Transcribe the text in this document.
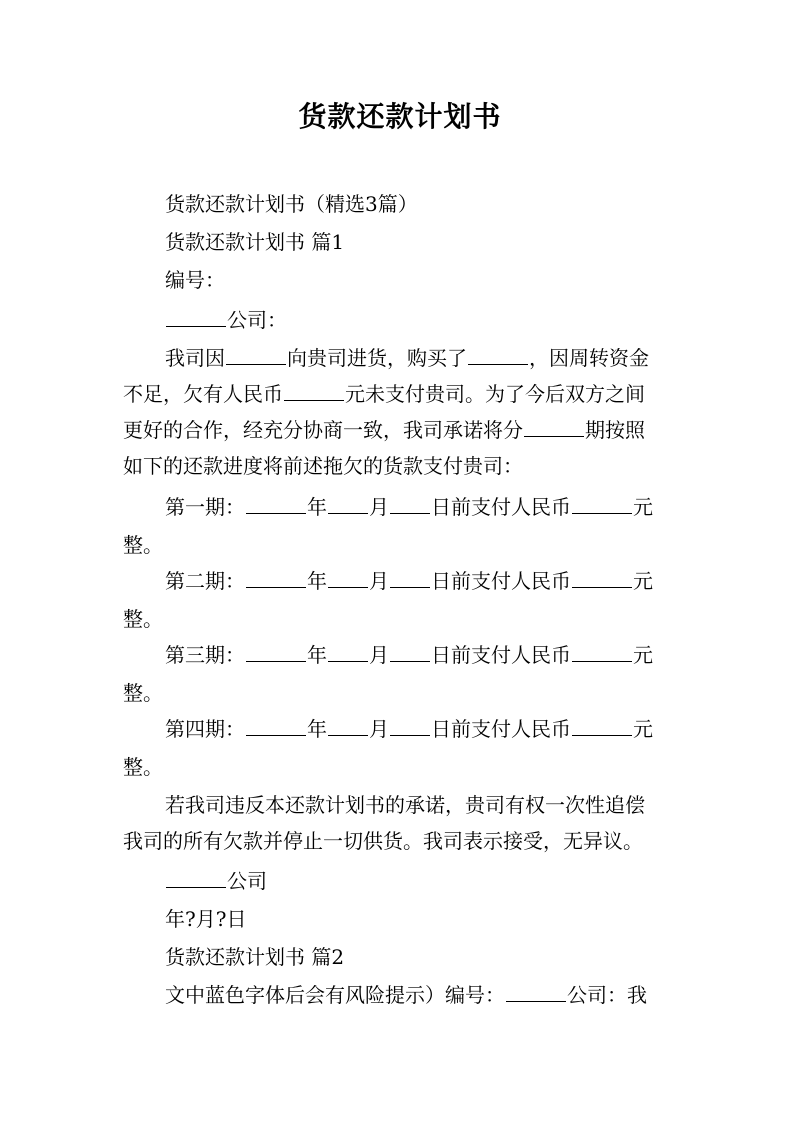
货款还款计划书
货款还款计划书（精选3篇）
货款还款计划书 篇1
编号：
公司：
我司因	向贵司进货，购买了	，因周转资金
不足，欠有人民币	元未支付贵司。为了今后双方之间
更好的合作，经充分协商一致，我司承诺将分	期按照
如下的还款进度将前述拖欠的货款支付贵司：
第一期：	年 月 日前支付人民币	元
整。
第二期：	年 月 日前支付人民币	元
整。
第三期：	年 月 日前支付人民币	元
整。
第四期：	年 月 日前支付人民币	元
整。
若我司违反本还款计划书的承诺，贵司有权一次性追偿
我司的所有欠款并停止一切供货。我司表示接受，无异议。
公司
年?月?日
货款还款计划书 篇2
文中蓝色字体后会有风险提示）编号：	公司：我
